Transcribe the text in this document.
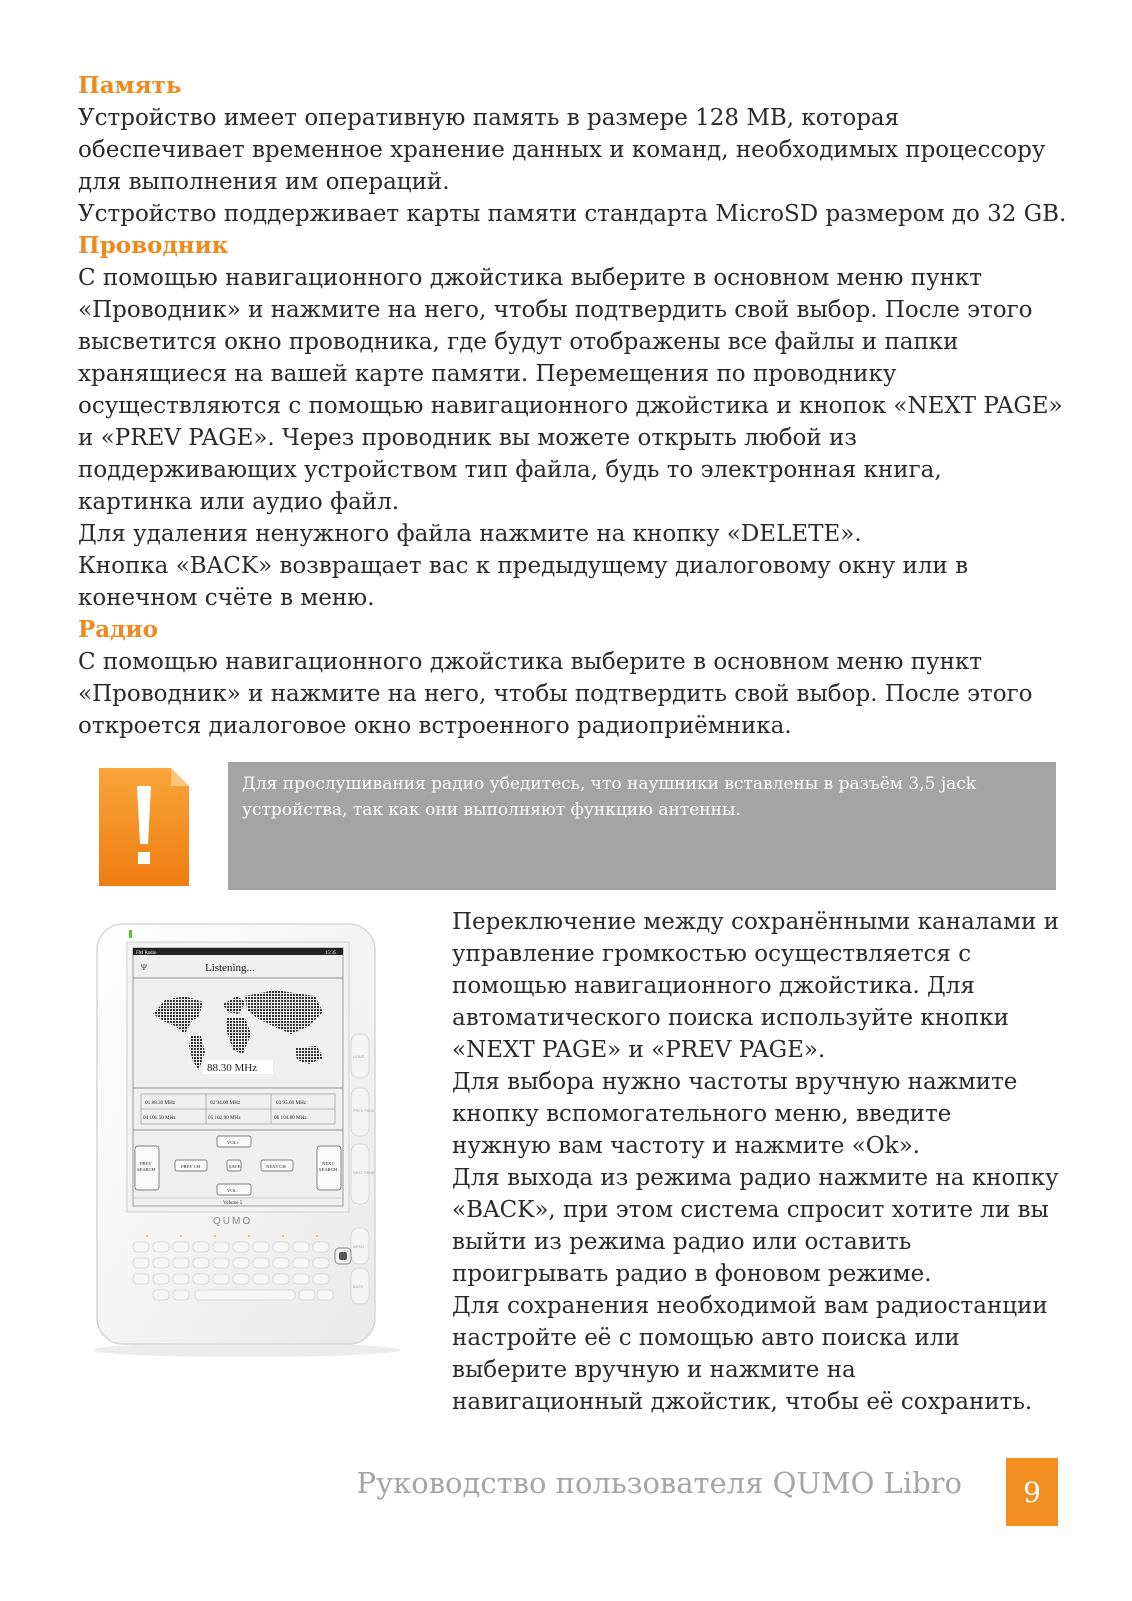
Память

Устройство имеет оперативную память в размере 128 MB, которая

обеспечивает временное хранение данных и команд, необходимых процессору

для выполнения им операций.

Устройство поддерживает карты памяти стандарта MicroSD размером до 32 GB.

Проводник

С помощью навигационного джойстика выберите в основном меню пункт

«Проводник» и нажмите на него, чтобы подтвердить свой выбор. После этого

высветится окно проводника, где будут отображены все файлы и папки

хранящиеся на вашей карте памяти. Перемещения по проводнику

осуществляются с помощью навигационного джойстика и кнопок «NEXT PAGE»

и «PREV PAGE». Через проводник вы можете открыть любой из

поддерживающих устройством тип файла, будь то электронная книга,

картинка или аудио файл.

Для удаления ненужного файла нажмите на кнопку «DELETE».

Кнопка «BACK» возвращает вас к предыдущему диалоговому окну или в

конечном счёте в меню.

Радио

С помощью навигационного джойстика выберите в основном меню пункт

«Проводник» и нажмите на него, чтобы подтвердить свой выбор. После этого

откроется диалоговое окно встроенного радиоприёмника.

Для прослушивания радио убедитесь, что наушники вставлены в разъём 3,5 jack

устройства, так как они выполняют функцию антенны.

FM Radio	15:35
Ψ	Listening...
88.30 MHz
01 88.30 MHz	02 94.00 MHz	03 95.60 MHz
04 101.50 MHz	05 102.90 MHz	06 104.80 MHz
PREV
SEARCH
NEXT
SEARCH
VOL+
VOL-
PREV CH	SAVE	NEXT CH
Volume 5
HOME
PREV PAGE
NEXT PAGE
MENU
BACK
QUMO

Переключение между сохранёнными каналами и

управление громкостью осуществляется с

помощью навигационного джойстика. Для

автоматического поиска используйте кнопки

«NEXT PAGE» и «PREV PAGE».

Для выбора нужно частоты вручную нажмите

кнопку вспомогательного меню, введите

нужную вам частоту и нажмите «Ok».

Для выхода из режима радио нажмите на кнопку

«BACK», при этом система спросит хотите ли вы

выйти из режима радио или оставить

проигрывать радио в фоновом режиме.

Для сохранения необходимой вам радиостанции

настройте её с помощью авто поиска или

выберите вручную и нажмите на

навигационный джойстик, чтобы её сохранить.

Руководство пользователя QUMO Libro	9
